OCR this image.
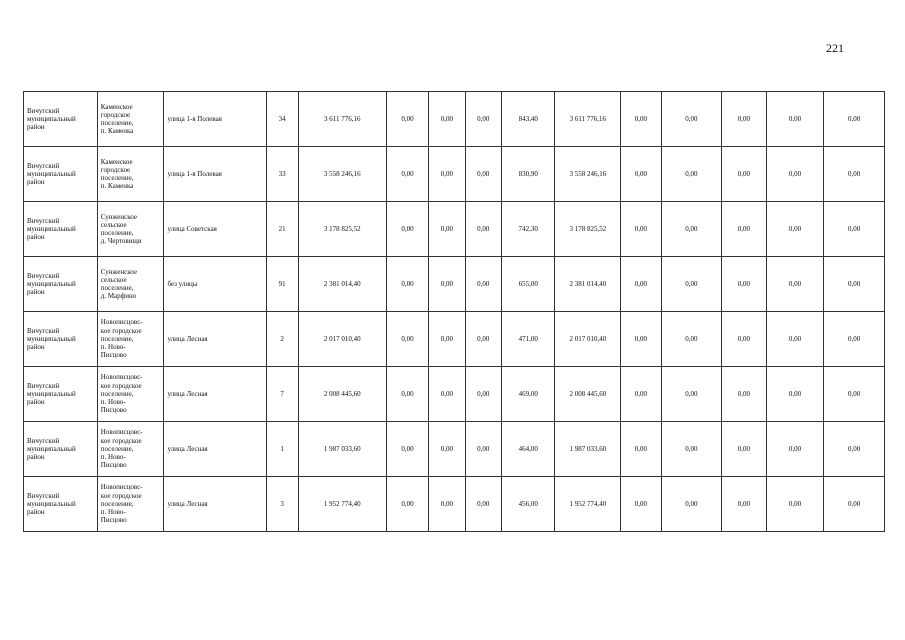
221
Вичугский муниципальный район	Каменское
городское
поселение,
п. Каменка	улица 1-я Полевая	34	3 611 776,16	0,00	0,00	0,00	843,40	3 611 776,16	0,00	0,00	0,00	0,00	0,00
Вичугский муниципальный район	Каменское
городское
поселение,
п. Каменка	улица 1-я Полевая	33	3 558 246,16	0,00	0,00	0,00	830,90	3 558 246,16	0,00	0,00	0,00	0,00	0,00
Вичугский муниципальный район	Сунженское
сельское
поселение,
д. Чертовищи	улица Советская	21	3 178 825,52	0,00	0,00	0,00	742,30	3 178 825,52	0,00	0,00	0,00	0,00	0,00
Вичугский муниципальный район	Сунженское
сельское
поселение,
д. Марфино	без улицы	91	2 381 014,40	0,00	0,00	0,00	655,00	2 381 014,40	0,00	0,00	0,00	0,00	0,00
Вичугский муниципальный район	Новописцовс-
кое городское
поселение,
п. Ново-
Писцово	улица Лесная	2	2 017 010,40	0,00	0,00	0,00	471,00	2 017 010,40	0,00	0,00	0,00	0,00	0,00
Вичугский муниципальный район	Новописцовс-
кое городское
поселение,
п. Ново-
Писцово	улица Лесная	7	2 008 445,60	0,00	0,00	0,00	469,00	2 008 445,60	0,00	0,00	0,00	0,00	0,00
Вичугский муниципальный район	Новописцовс-
кое городское
поселение,
п. Ново-
Писцово	улица Лесная	1	1 987 033,60	0,00	0,00	0,00	464,00	1 987 033,60	0,00	0,00	0,00	0,00	0,00
Вичугский муниципальный район	Новописцовс-
кое городское
поселение,
п. Ново-
Писцово	улица Лесная	3	1 952 774,40	0,00	0,00	0,00	456,00	1 952 774,40	0,00	0,00	0,00	0,00	0,00
